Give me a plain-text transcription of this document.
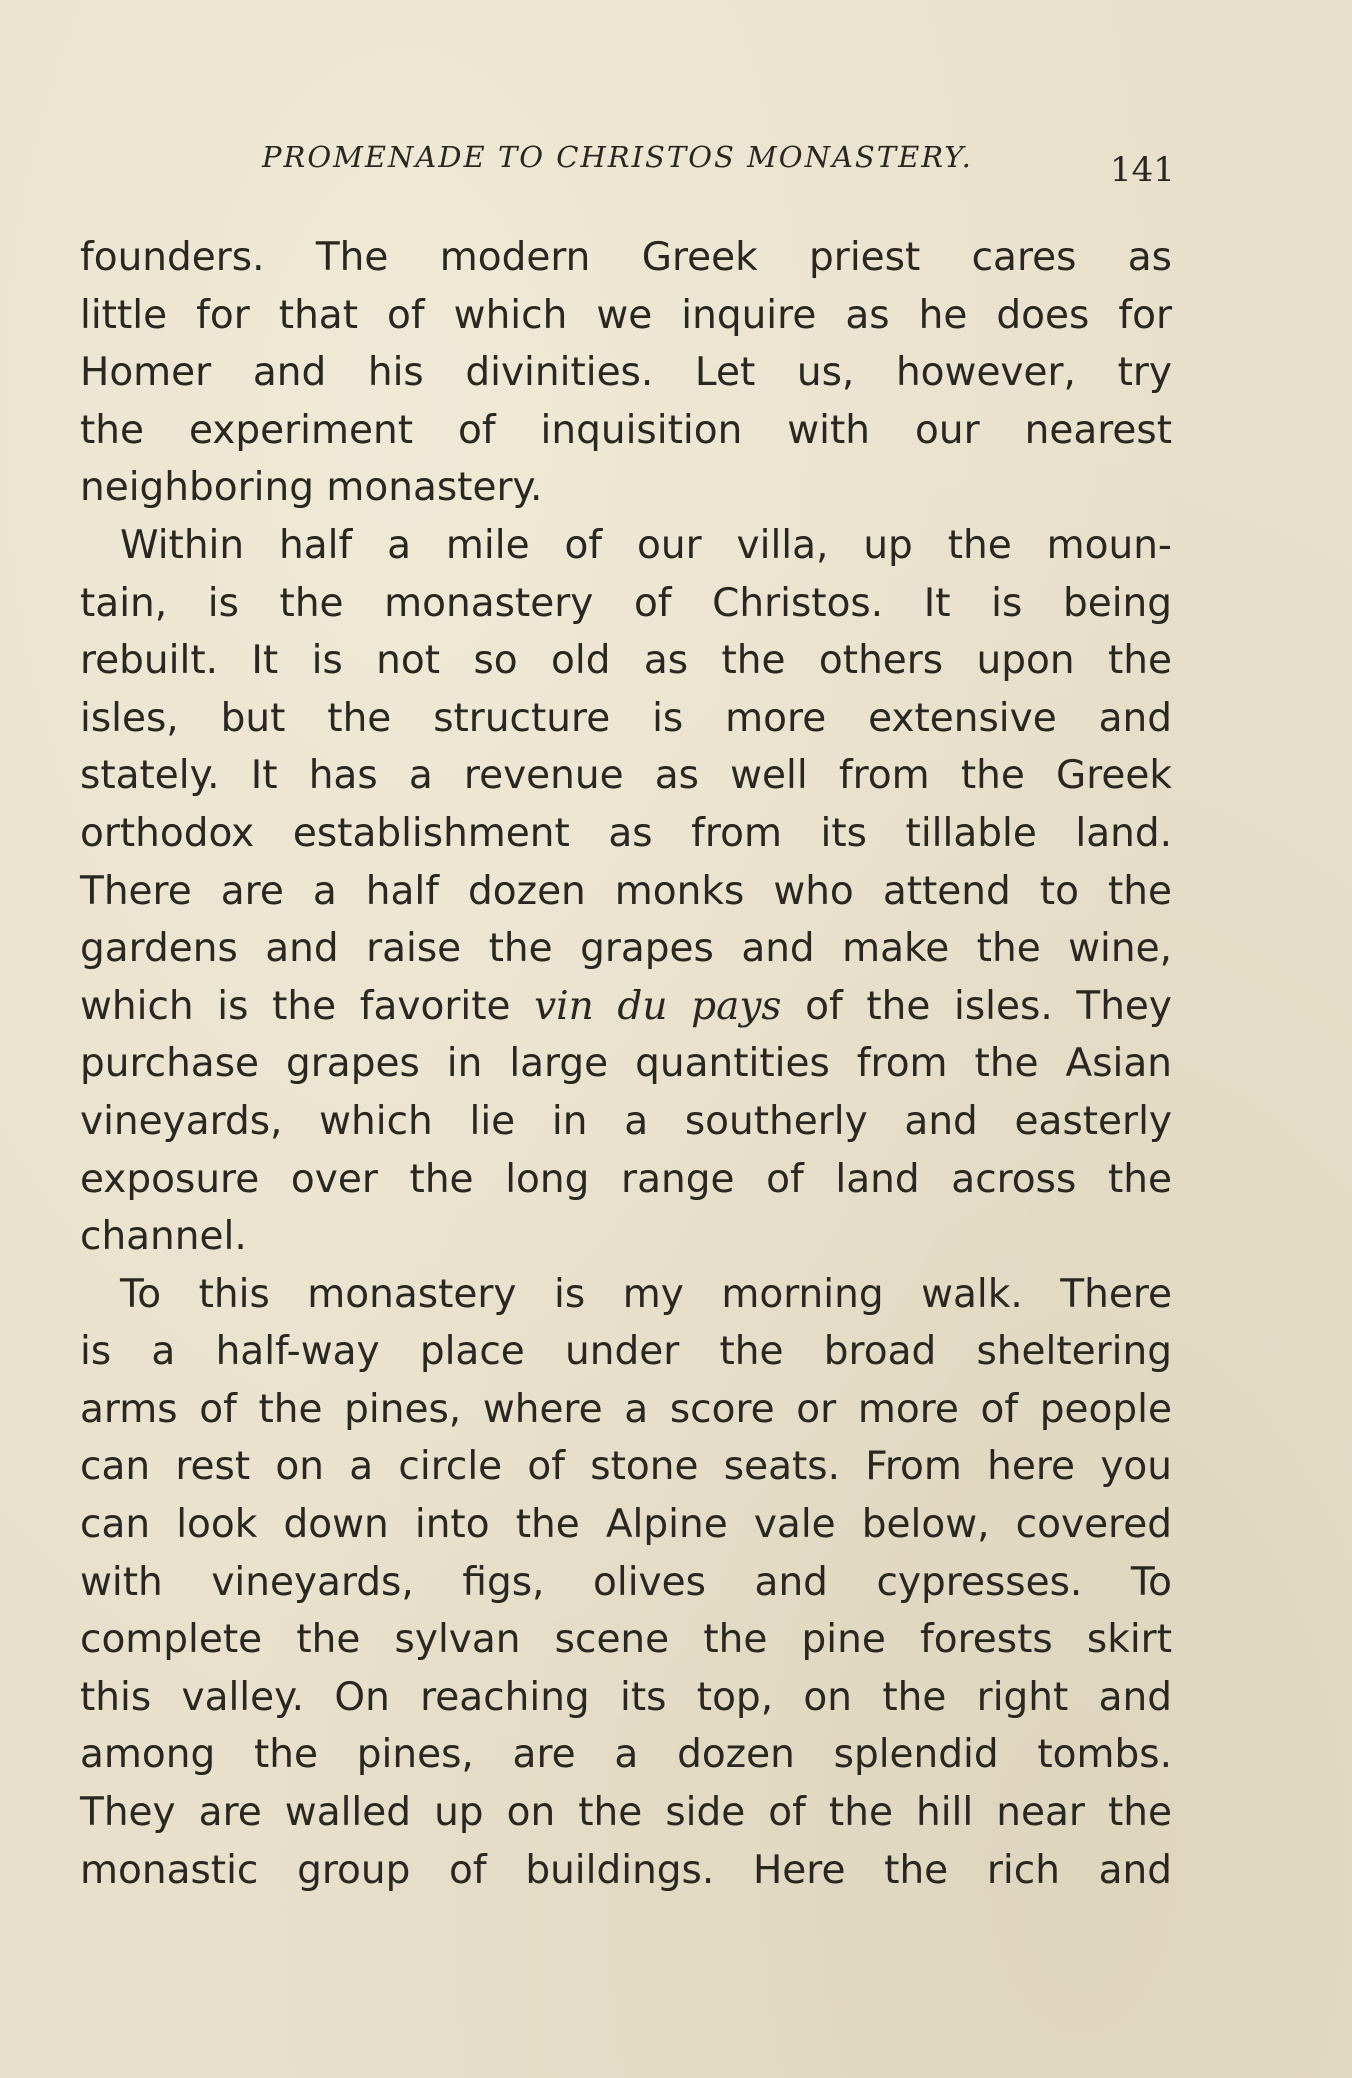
PROMENADE TO CHRISTOS MONASTERY.	141
founders. The modern Greek priest cares as
little for that of which we inquire as he does for
Homer and his divinities. Let us, however, try
the experiment of inquisition with our nearest
neighboring monastery.
Within half a mile of our villa, up the moun-
tain, is the monastery of Christos. It is being
rebuilt. It is not so old as the others upon the
isles, but the structure is more extensive and
stately. It has a revenue as well from the Greek
orthodox establishment as from its tillable land.
There are a half dozen monks who attend to the
gardens and raise the grapes and make the wine,
which is the favorite vin du pays of the isles. They
purchase grapes in large quantities from the Asian
vineyards, which lie in a southerly and easterly
exposure over the long range of land across the
channel.
To this monastery is my morning walk. There
is a half-way place under the broad sheltering
arms of the pines, where a score or more of people
can rest on a circle of stone seats. From here you
can look down into the Alpine vale below, covered
with vineyards, figs, olives and cypresses. To
complete the sylvan scene the pine forests skirt
this valley. On reaching its top, on the right and
among the pines, are a dozen splendid tombs.
They are walled up on the side of the hill near the
monastic group of buildings. Here the rich and
